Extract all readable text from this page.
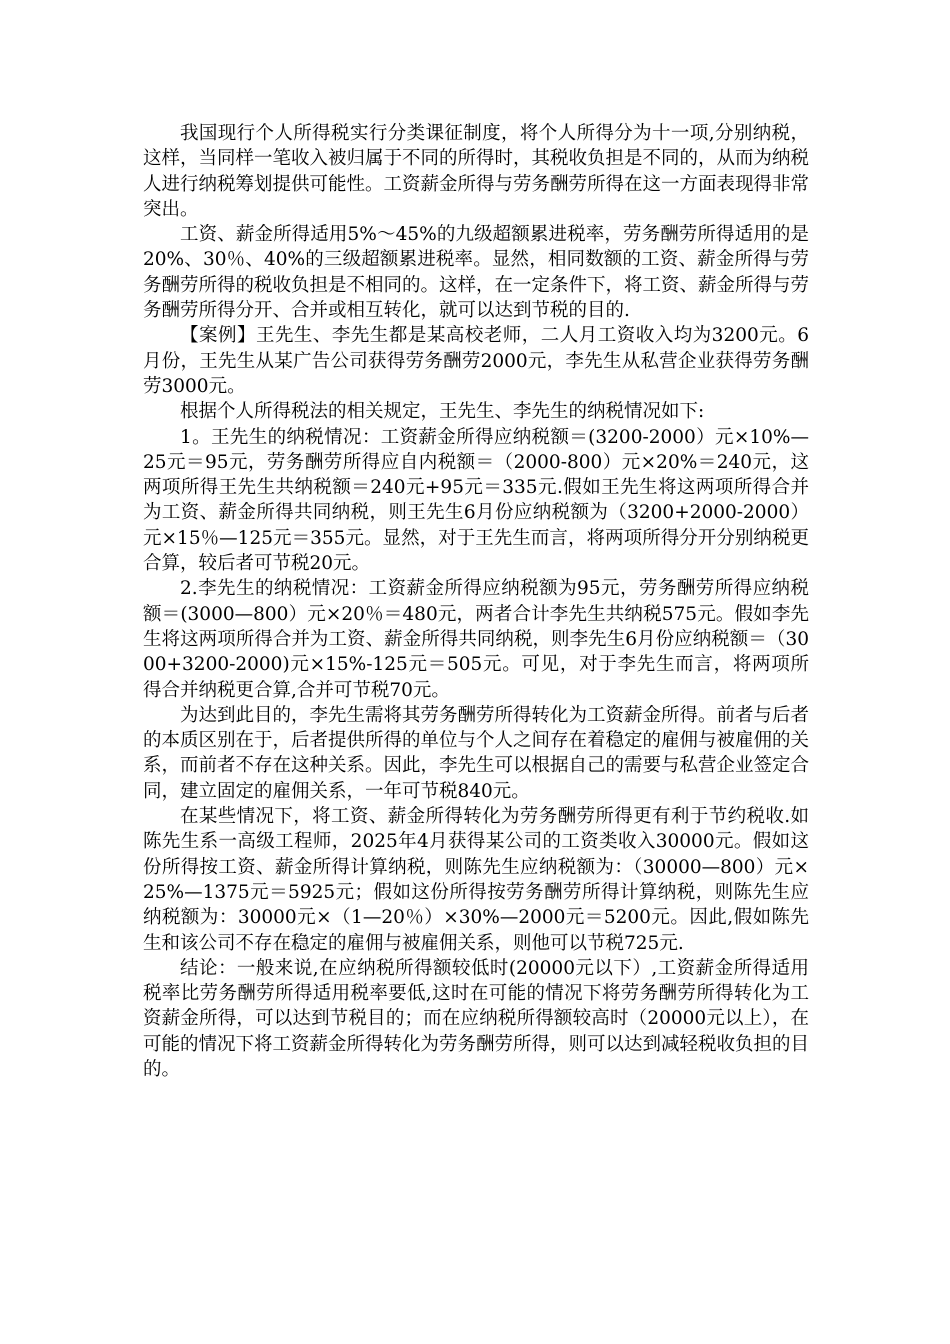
我国现行个人所得税实行分类课征制度，将个人所得分为十一项,分别纳税，这样，当同样一笔收入被归属于不同的所得时，其税收负担是不同的，从而为纳税人进行纳税筹划提供可能性。工资薪金所得与劳务酬劳所得在这一方面表现得非常突出。

工资、薪金所得适用5%～45%的九级超额累进税率，劳务酬劳所得适用的是20%、30％、40%的三级超额累进税率。显然，相同数额的工资、薪金所得与劳务酬劳所得的税收负担是不相同的。这样，在一定条件下，将工资、薪金所得与劳务酬劳所得分开、合并或相互转化，就可以达到节税的目的.

【案例】王先生、李先生都是某高校老师，二人月工资收入均为3200元。6月份，王先生从某广告公司获得劳务酬劳2000元，李先生从私营企业获得劳务酬劳3000元。

根据个人所得税法的相关规定，王先生、李先生的纳税情况如下:

1。王先生的纳税情况：工资薪金所得应纳税额＝(3200-2000）元×10%—25元＝95元，劳务酬劳所得应自内税额＝（2000-800）元×20%＝240元，这两项所得王先生共纳税额＝240元+95元＝335元.假如王先生将这两项所得合并为工资、薪金所得共同纳税，则王先生6月份应纳税额为（3200+2000-2000）元×15％—125元＝355元。显然，对于王先生而言，将两项所得分开分别纳税更合算，较后者可节税20元。

2.李先生的纳税情况：工资薪金所得应纳税额为95元，劳务酬劳所得应纳税额＝(3000—800）元×20％＝480元，两者合计李先生共纳税575元。假如李先生将这两项所得合并为工资、薪金所得共同纳税，则李先生6月份应纳税额＝（3000+3200-2000)元×15%-125元＝505元。可见，对于李先生而言，将两项所得合并纳税更合算,合并可节税70元。

为达到此目的，李先生需将其劳务酬劳所得转化为工资薪金所得。前者与后者的本质区别在于，后者提供所得的单位与个人之间存在着稳定的雇佣与被雇佣的关系，而前者不存在这种关系。因此，李先生可以根据自己的需要与私营企业签定合同，建立固定的雇佣关系，一年可节税840元。

在某些情况下，将工资、薪金所得转化为劳务酬劳所得更有利于节约税收.如陈先生系一高级工程师，2025年4月获得某公司的工资类收入30000元。假如这份所得按工资、薪金所得计算纳税，则陈先生应纳税额为：（30000—800）元×25%—1375元＝5925元；假如这份所得按劳务酬劳所得计算纳税，则陈先生应纳税额为：30000元×（1—20％）×30%—2000元＝5200元。因此,假如陈先生和该公司不存在稳定的雇佣与被雇佣关系，则他可以节税725元.

结论：一般来说,在应纳税所得额较低时(20000元以下）,工资薪金所得适用税率比劳务酬劳所得适用税率要低,这时在可能的情况下将劳务酬劳所得转化为工资薪金所得，可以达到节税目的；而在应纳税所得额较高时（20000元以上），在可能的情况下将工资薪金所得转化为劳务酬劳所得，则可以达到减轻税收负担的目的。
